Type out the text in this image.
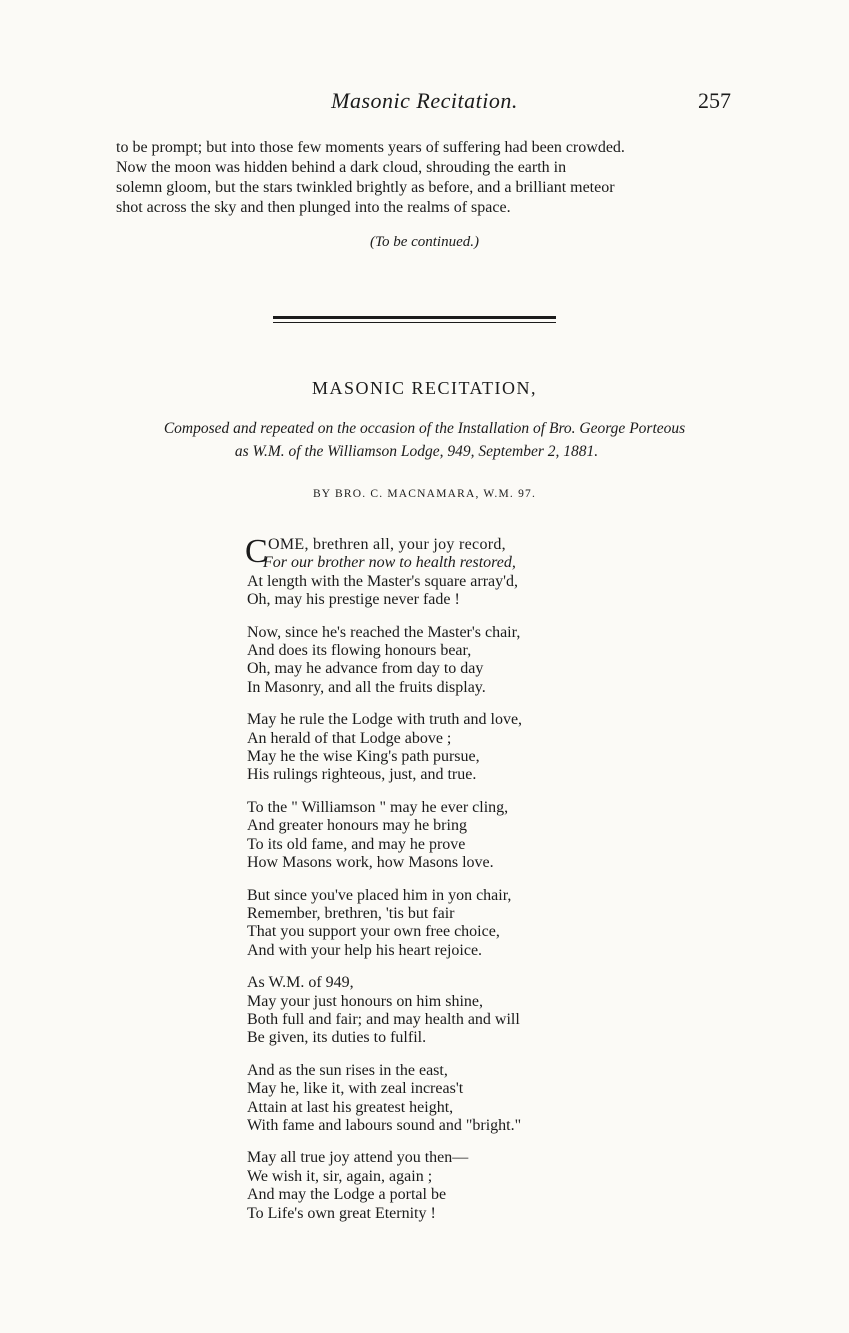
Masonic Recitation.	257

to be prompt; but into those few moments years of suffering had been crowded.

Now the moon was hidden behind a dark cloud, shrouding the earth in

solemn gloom, but the stars twinkled brightly as before, and a brilliant meteor

shot across the sky and then plunged into the realms of space.

(To be continued.)
MASONIC RECITATION,
Composed and repeated on the occasion of the Installation of Bro. George Porteous
as W.M. of the Williamson Lodge, 949, September 2, 1881.
BY BRO. C. MACNAMARA, W.M. 97.
C OME, brethren all, your joy record,
For our brother now to health restored,
At length with the Master's square array'd,
Oh, may his prestige never fade !
Now, since he's reached the Master's chair,
And does its flowing honours bear,
Oh, may he advance from day to day
In Masonry, and all the fruits display.
May he rule the Lodge with truth and love,
An herald of that Lodge above ;
May he the wise King's path pursue,
His rulings righteous, just, and true.
To the " Williamson " may he ever cling,
And greater honours may he bring
To its old fame, and may he prove
How Masons work, how Masons love.
But since you've placed him in yon chair,
Remember, brethren, 'tis but fair
That you support your own free choice,
And with your help his heart rejoice.
As W.M. of 949,
May your just honours on him shine,
Both full and fair; and may health and will
Be given, its duties to fulfil.
And as the sun rises in the east,
May he, like it, with zeal increas't
Attain at last his greatest height,
With fame and labours sound and "bright."
May all true joy attend you then—
We wish it, sir, again, again ;
And may the Lodge a portal be
To Life's own great Eternity !
